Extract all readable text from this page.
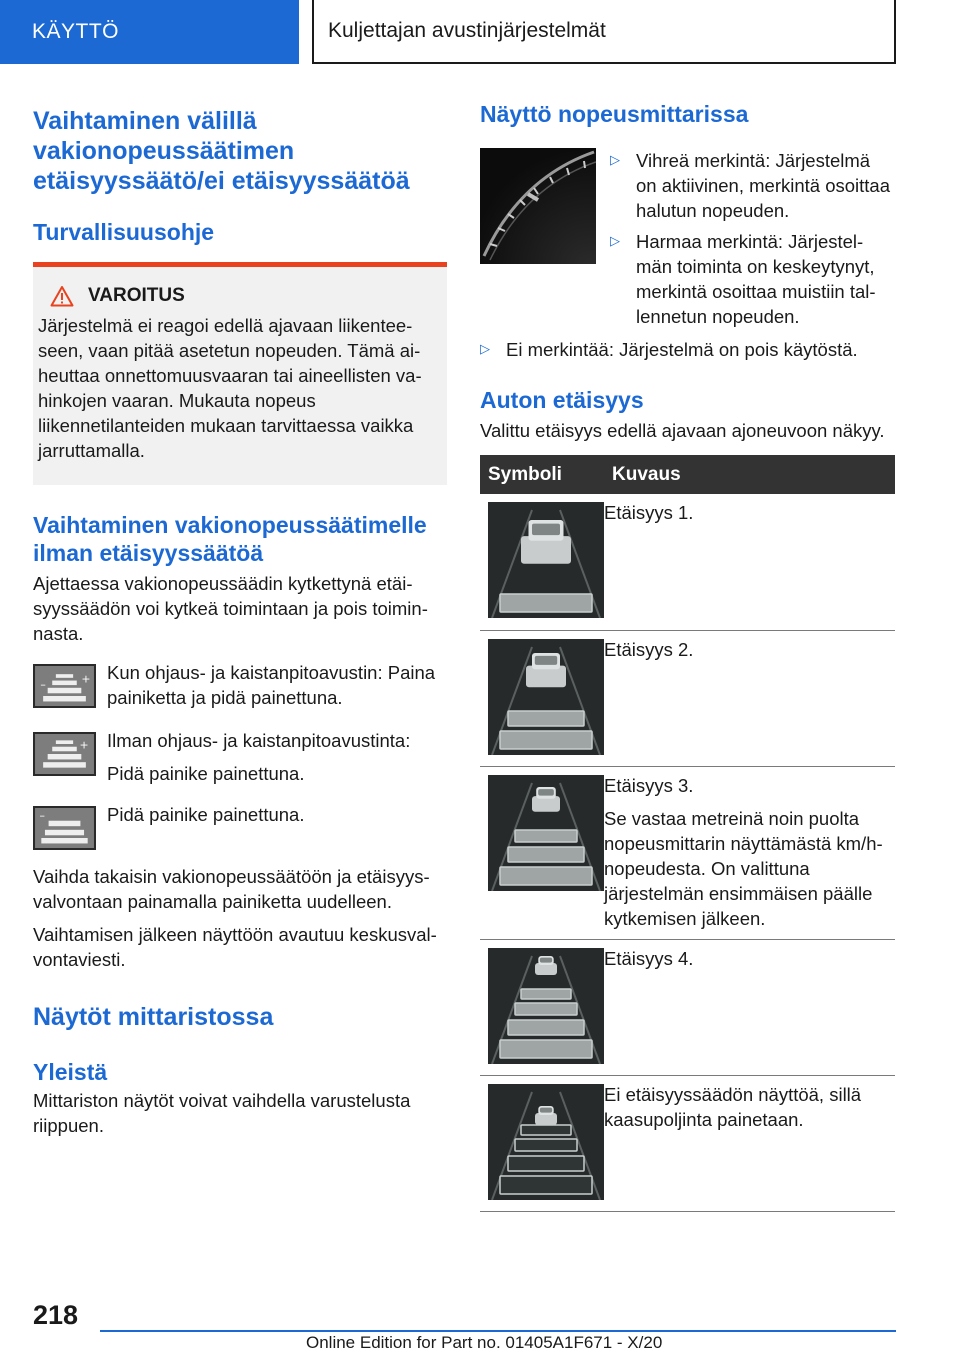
KÄYTTÖ	Kuljettajan avustinjärjestelmät
Vaihtaminen välillä vakionopeussäätimen etäisyyssäätö/ei etäisyyssäätöä
Turvallisuusohje
VAROITUS
Järjestelmä ei reagoi edellä ajavaan liikentee-seen, vaan pitää asetetun nopeuden. Tämä ai-heuttaa onnettomuusvaaran tai aineellisten va-hinkojen vaaran. Mukauta nopeus liikennetilanteiden mukaan tarvittaessa vaikka jarruttamalla.
Vaihtaminen vakionopeussäätimelle ilman etäisyyssäätöä
Ajettaessa vakionopeussäädin kytkettynä etäi-syyssäädön voi kytkeä toimintaan ja pois toimin-nasta.
–	+ Kun ohjaus- ja kaistanpitoavustin: Paina painiketta ja pidä painettuna.
+ Ilman ohjaus- ja kaistanpitoavustinta:
Pidä painike painettuna.
–	Pidä painike painettuna.
Vaihda takaisin vakionopeussäätöön ja etäisyys-valvontaan painamalla painiketta uudelleen.
Vaihtamisen jälkeen näyttöön avautuu keskusval-vontaviesti.
Näytöt mittaristossa
Yleistä
Mittariston näytöt voivat vaihdella varustelusta riippuen.
Näyttö nopeusmittarissa
▷ Vihreä merkintä: Järjestelmä on aktiivinen, merkintä osoittaa halutun nopeuden.
▷ Harmaa merkintä: Järjestel-män toiminta on keskeytynyt, merkintä osoittaa muistiin tal-lennetun nopeuden.
▷ Ei merkintää: Järjestelmä on pois käytöstä.
Auton etäisyys
Valittu etäisyys edellä ajavaan ajoneuvoon näkyy.
Symboli	Kuvaus

Etäisyys 1.

Etäisyys 2.

Etäisyys 3.
Se vastaa metreinä noin puolta nopeusmittarin näyttämästä km/h-nopeudesta. On valittuna järjestelmän ensimmäisen päälle kytkemisen jälkeen.

Etäisyys 4.

Ei etäisyyssäädön näyttöä, sillä kaasupoljinta painetaan.
218
Online Edition for Part no. 01405A1F671 - X/20
